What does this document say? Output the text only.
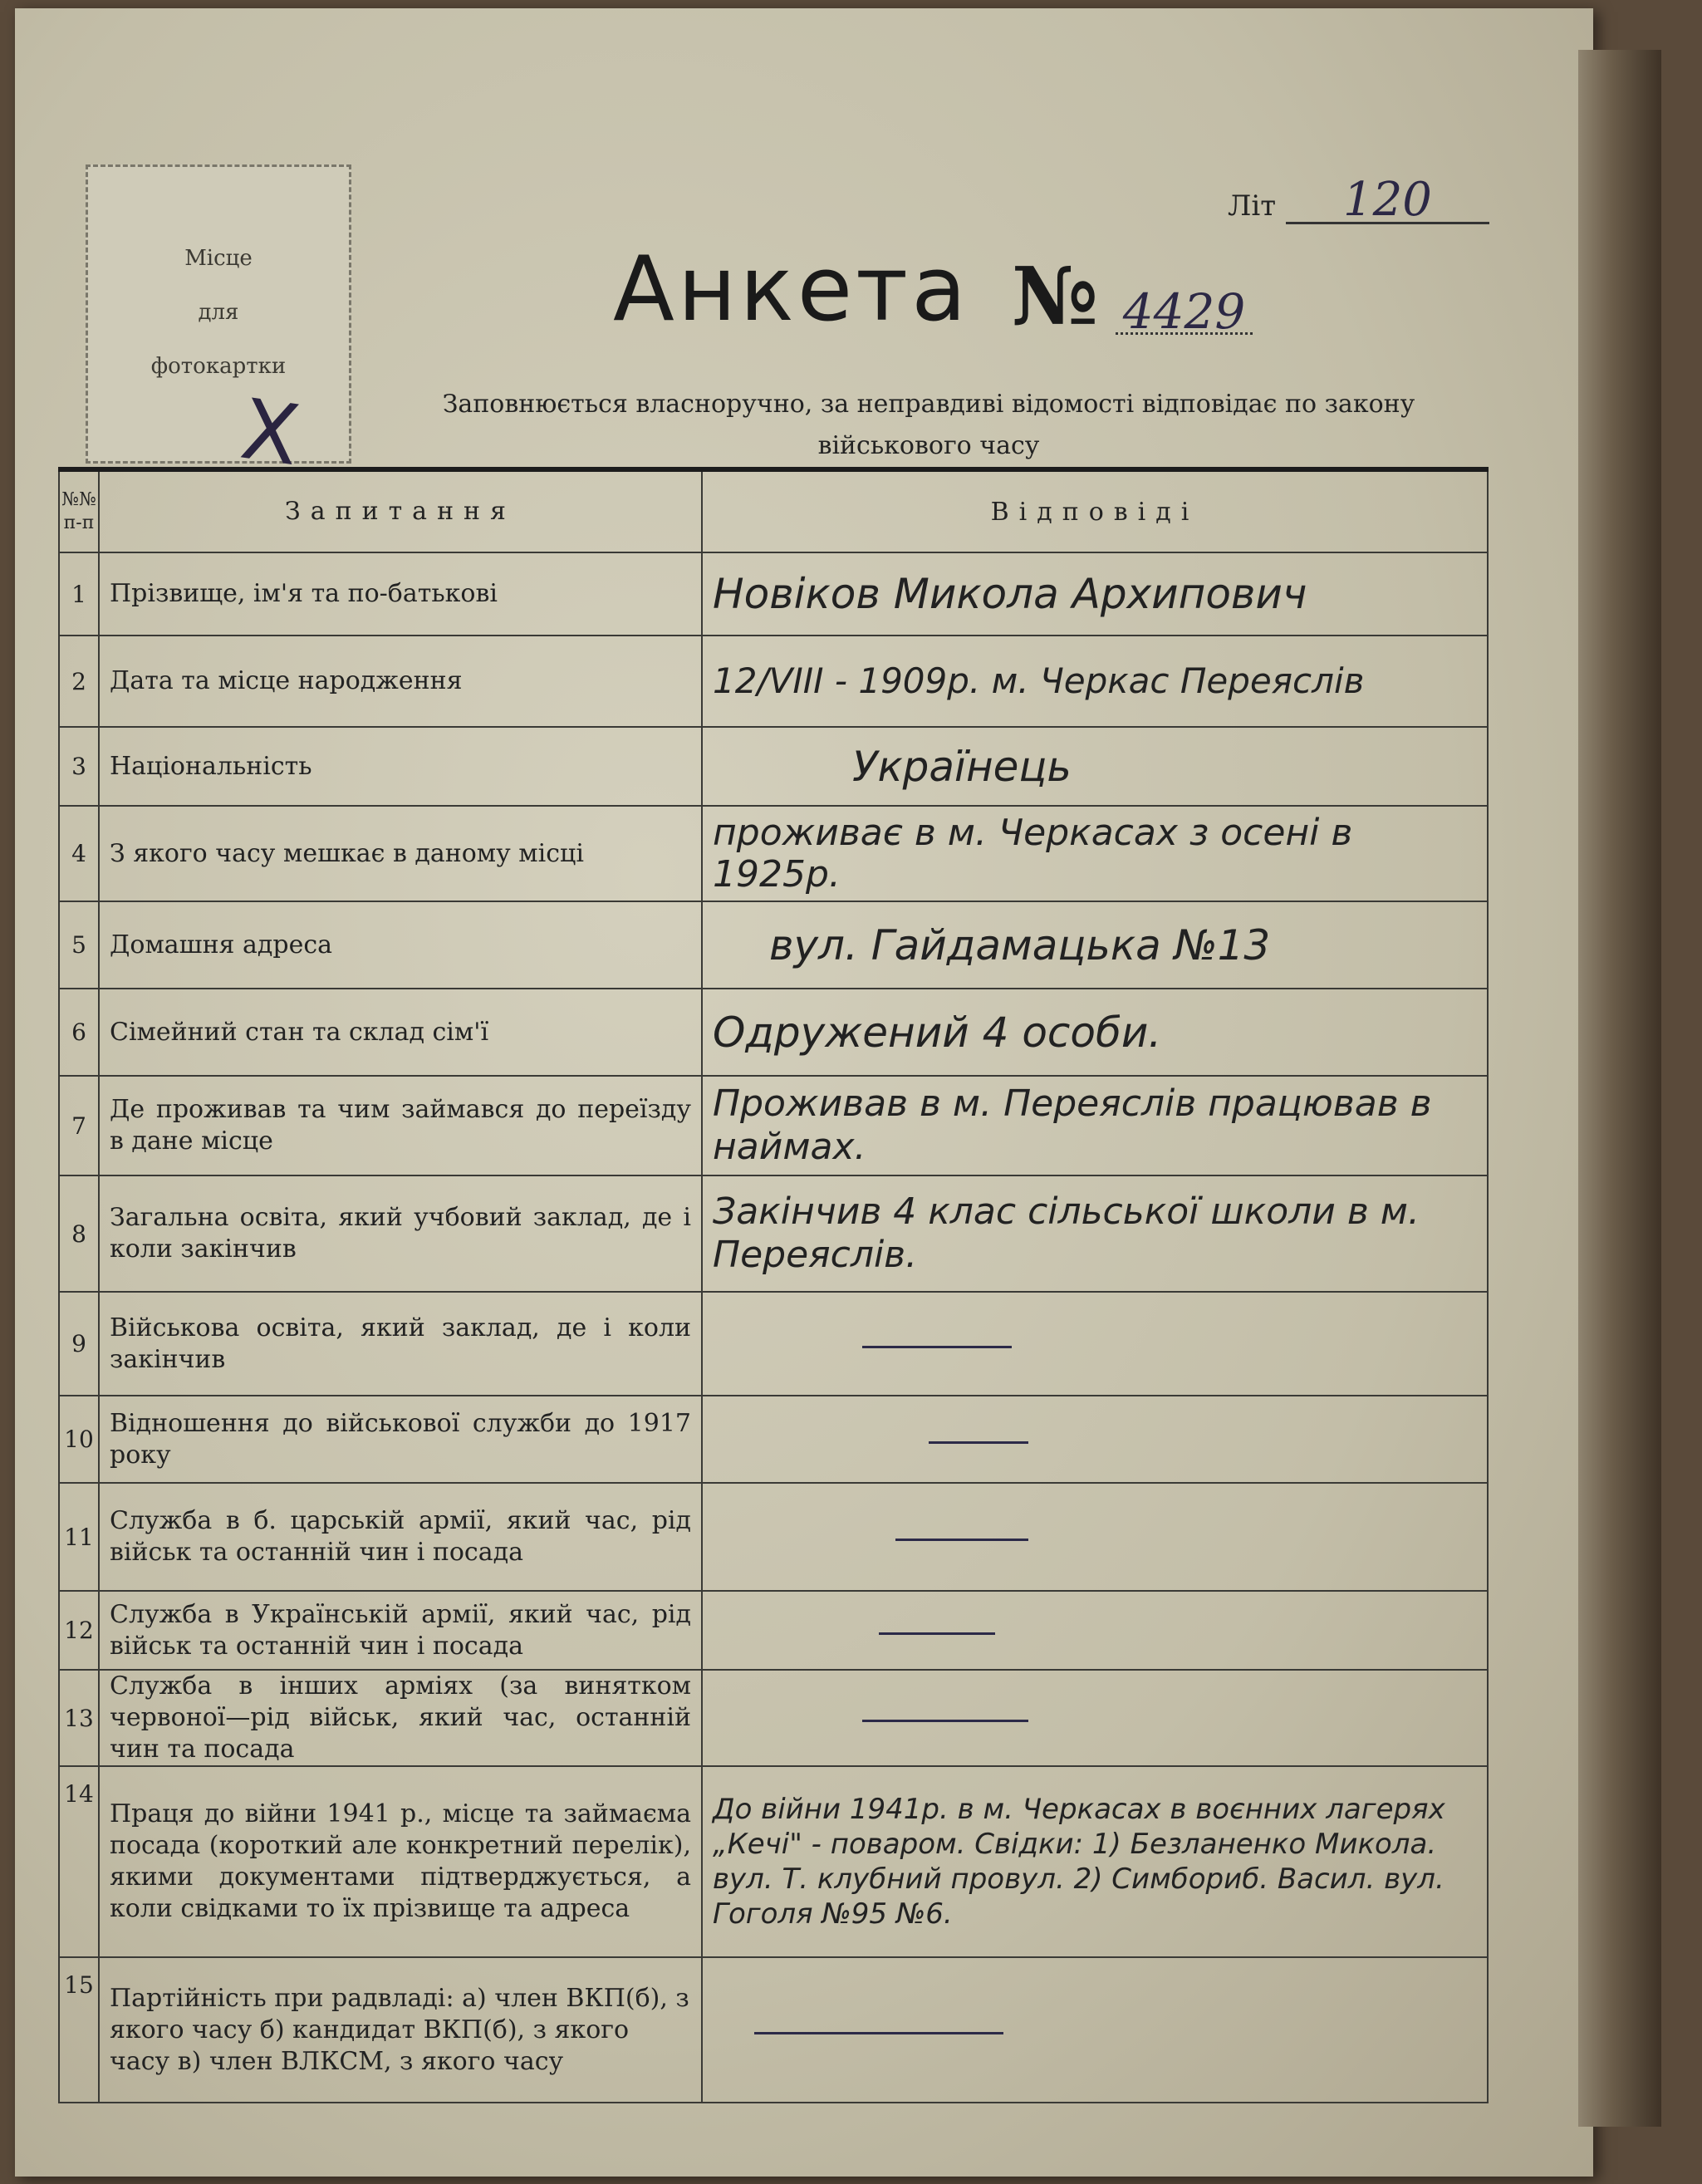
Місце
для
фотокартки
X
Літ	120
Анкета № 4429
Заповнюється власноручно, за неправдиві відомості відповідає по закону військового часу
№№ п-п	Запитання	Відповіді
1	Прізвище, ім'я та по-батькові	Новіков Микола Архипович
2	Дата та місце народження	12/VIII - 1909р. м. Черкас Переяслів
3	Національність	Українець
4	З якого часу мешкає в даному місці	проживає в м. Черкасах з осені в 1925р.
5	Домашня адреса	вул. Гайдамацька №13
6	Сімейний стан та склад сім'ї	Одружений 4 особи.
7	Де проживав та чим займався до переїзду в дане місце	Проживав в м. Переяслів працював в наймах.
8	Загальна освіта, який учбовий заклад, де і коли закінчив	Закінчив 4 клас сільської школи в м. Переяслів.
9	Військова освіта, який заклад, де і коли закінчив	
10	Відношення до військової служби до 1917 року	
11	Служба в б. царській армії, який час, рід військ та останній чин і посада	
12	Служба в Українській армії, який час, рід військ та останній чин і посада	
13	Служба в інших арміях (за винятком червоної—рід військ, який час, останній чин та посада	
14	Праця до війни 1941 р., місце та займаєма посада (короткий але конкретний перелік), якими документами підтверджується, а коли свідками то їх прізвище та адреса	До війни 1941р. в м. Черкасах в воєнних лагерях „Кечі" - поваром. Свідки: 1) Безланенко Микола. вул. Т. клубний провул. 2) Симбориб. Васил. вул. Гоголя №95 №6.
15	Партійність при радвладі: а) член ВКП(б), з якого часу б) кандидат ВКП(б), з якого часу в) член ВЛКСМ, з якого часу	
